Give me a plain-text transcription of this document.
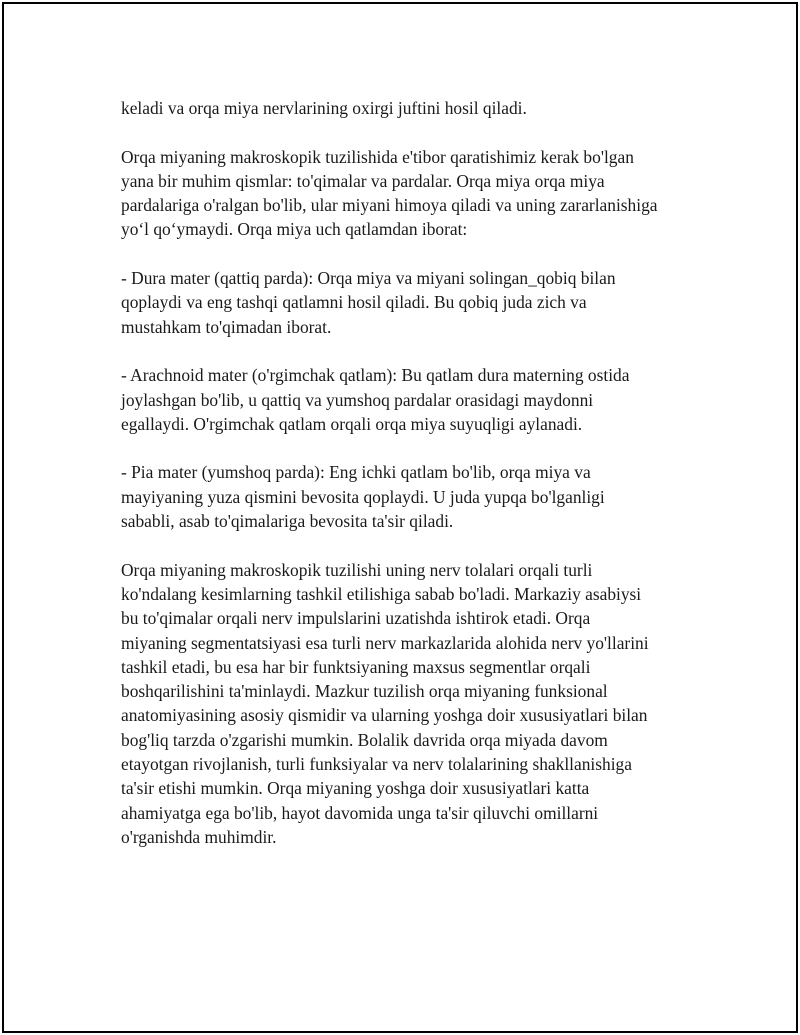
keladi va orqa miya nervlarining oxirgi juftini hosil qiladi.

Orqa miyaning makroskopik tuzilishida e'tibor qaratishimiz kerak bo'lgan
yana bir muhim qismlar: to'qimalar va pardalar. Orqa miya orqa miya
pardalariga o'ralgan bo'lib, ular miyani himoya qiladi va uning zararlanishiga
yo‘l qo‘ymaydi. Orqa miya uch qatlamdan iborat:

- Dura mater (qattiq parda): Orqa miya va miyani solingan_qobiq bilan
qoplaydi va eng tashqi qatlamni hosil qiladi. Bu qobiq juda zich va
mustahkam to'qimadan iborat.

- Arachnoid mater (o'rgimchak qatlam): Bu qatlam dura materning ostida
joylashgan bo'lib, u qattiq va yumshoq pardalar orasidagi maydonni
egallaydi. O'rgimchak qatlam orqali orqa miya suyuqligi aylanadi.

- Pia mater (yumshoq parda): Eng ichki qatlam bo'lib, orqa miya va
mayiyaning yuza qismini bevosita qoplaydi. U juda yupqa bo'lganligi
sababli, asab to'qimalariga bevosita ta'sir qiladi.

Orqa miyaning makroskopik tuzilishi uning nerv tolalari orqali turli
ko'ndalang kesimlarning tashkil etilishiga sabab bo'ladi. Markaziy asabiysi
bu to'qimalar orqali nerv impulslarini uzatishda ishtirok etadi. Orqa
miyaning segmentatsiyasi esa turli nerv markazlarida alohida nerv yo'llarini
tashkil etadi, bu esa har bir funktsiyaning maxsus segmentlar orqali
boshqarilishini ta'minlaydi. Mazkur tuzilish orqa miyaning funksional
anatomiyasining asosiy qismidir va ularning yoshga doir xususiyatlari bilan
bog'liq tarzda o'zgarishi mumkin. Bolalik davrida orqa miyada davom
etayotgan rivojlanish, turli funksiyalar va nerv tolalarining shakllanishiga
ta'sir etishi mumkin. Orqa miyaning yoshga doir xususiyatlari katta
ahamiyatga ega bo'lib, hayot davomida unga ta'sir qiluvchi omillarni
o'rganishda muhimdir.
